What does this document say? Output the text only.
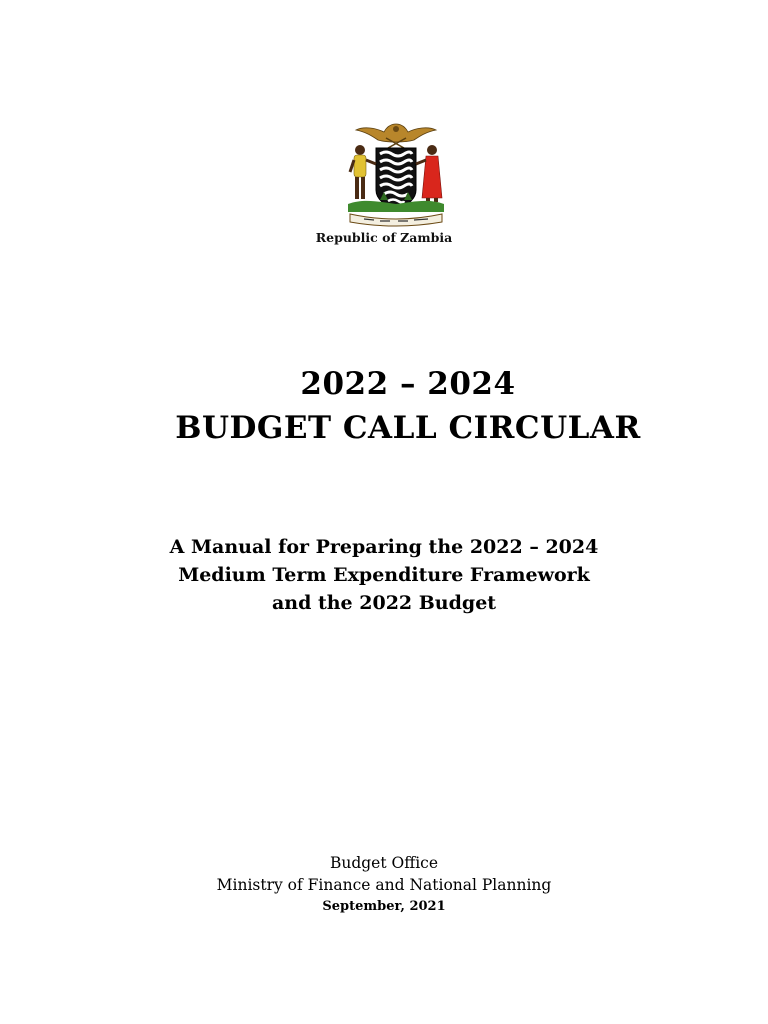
Republic of Zambia
2022 – 2024
BUDGET CALL CIRCULAR
A Manual for Preparing the 2022 – 2024
Medium Term Expenditure Framework
and the 2022 Budget
Budget Office
Ministry of Finance and National Planning
September, 2021
